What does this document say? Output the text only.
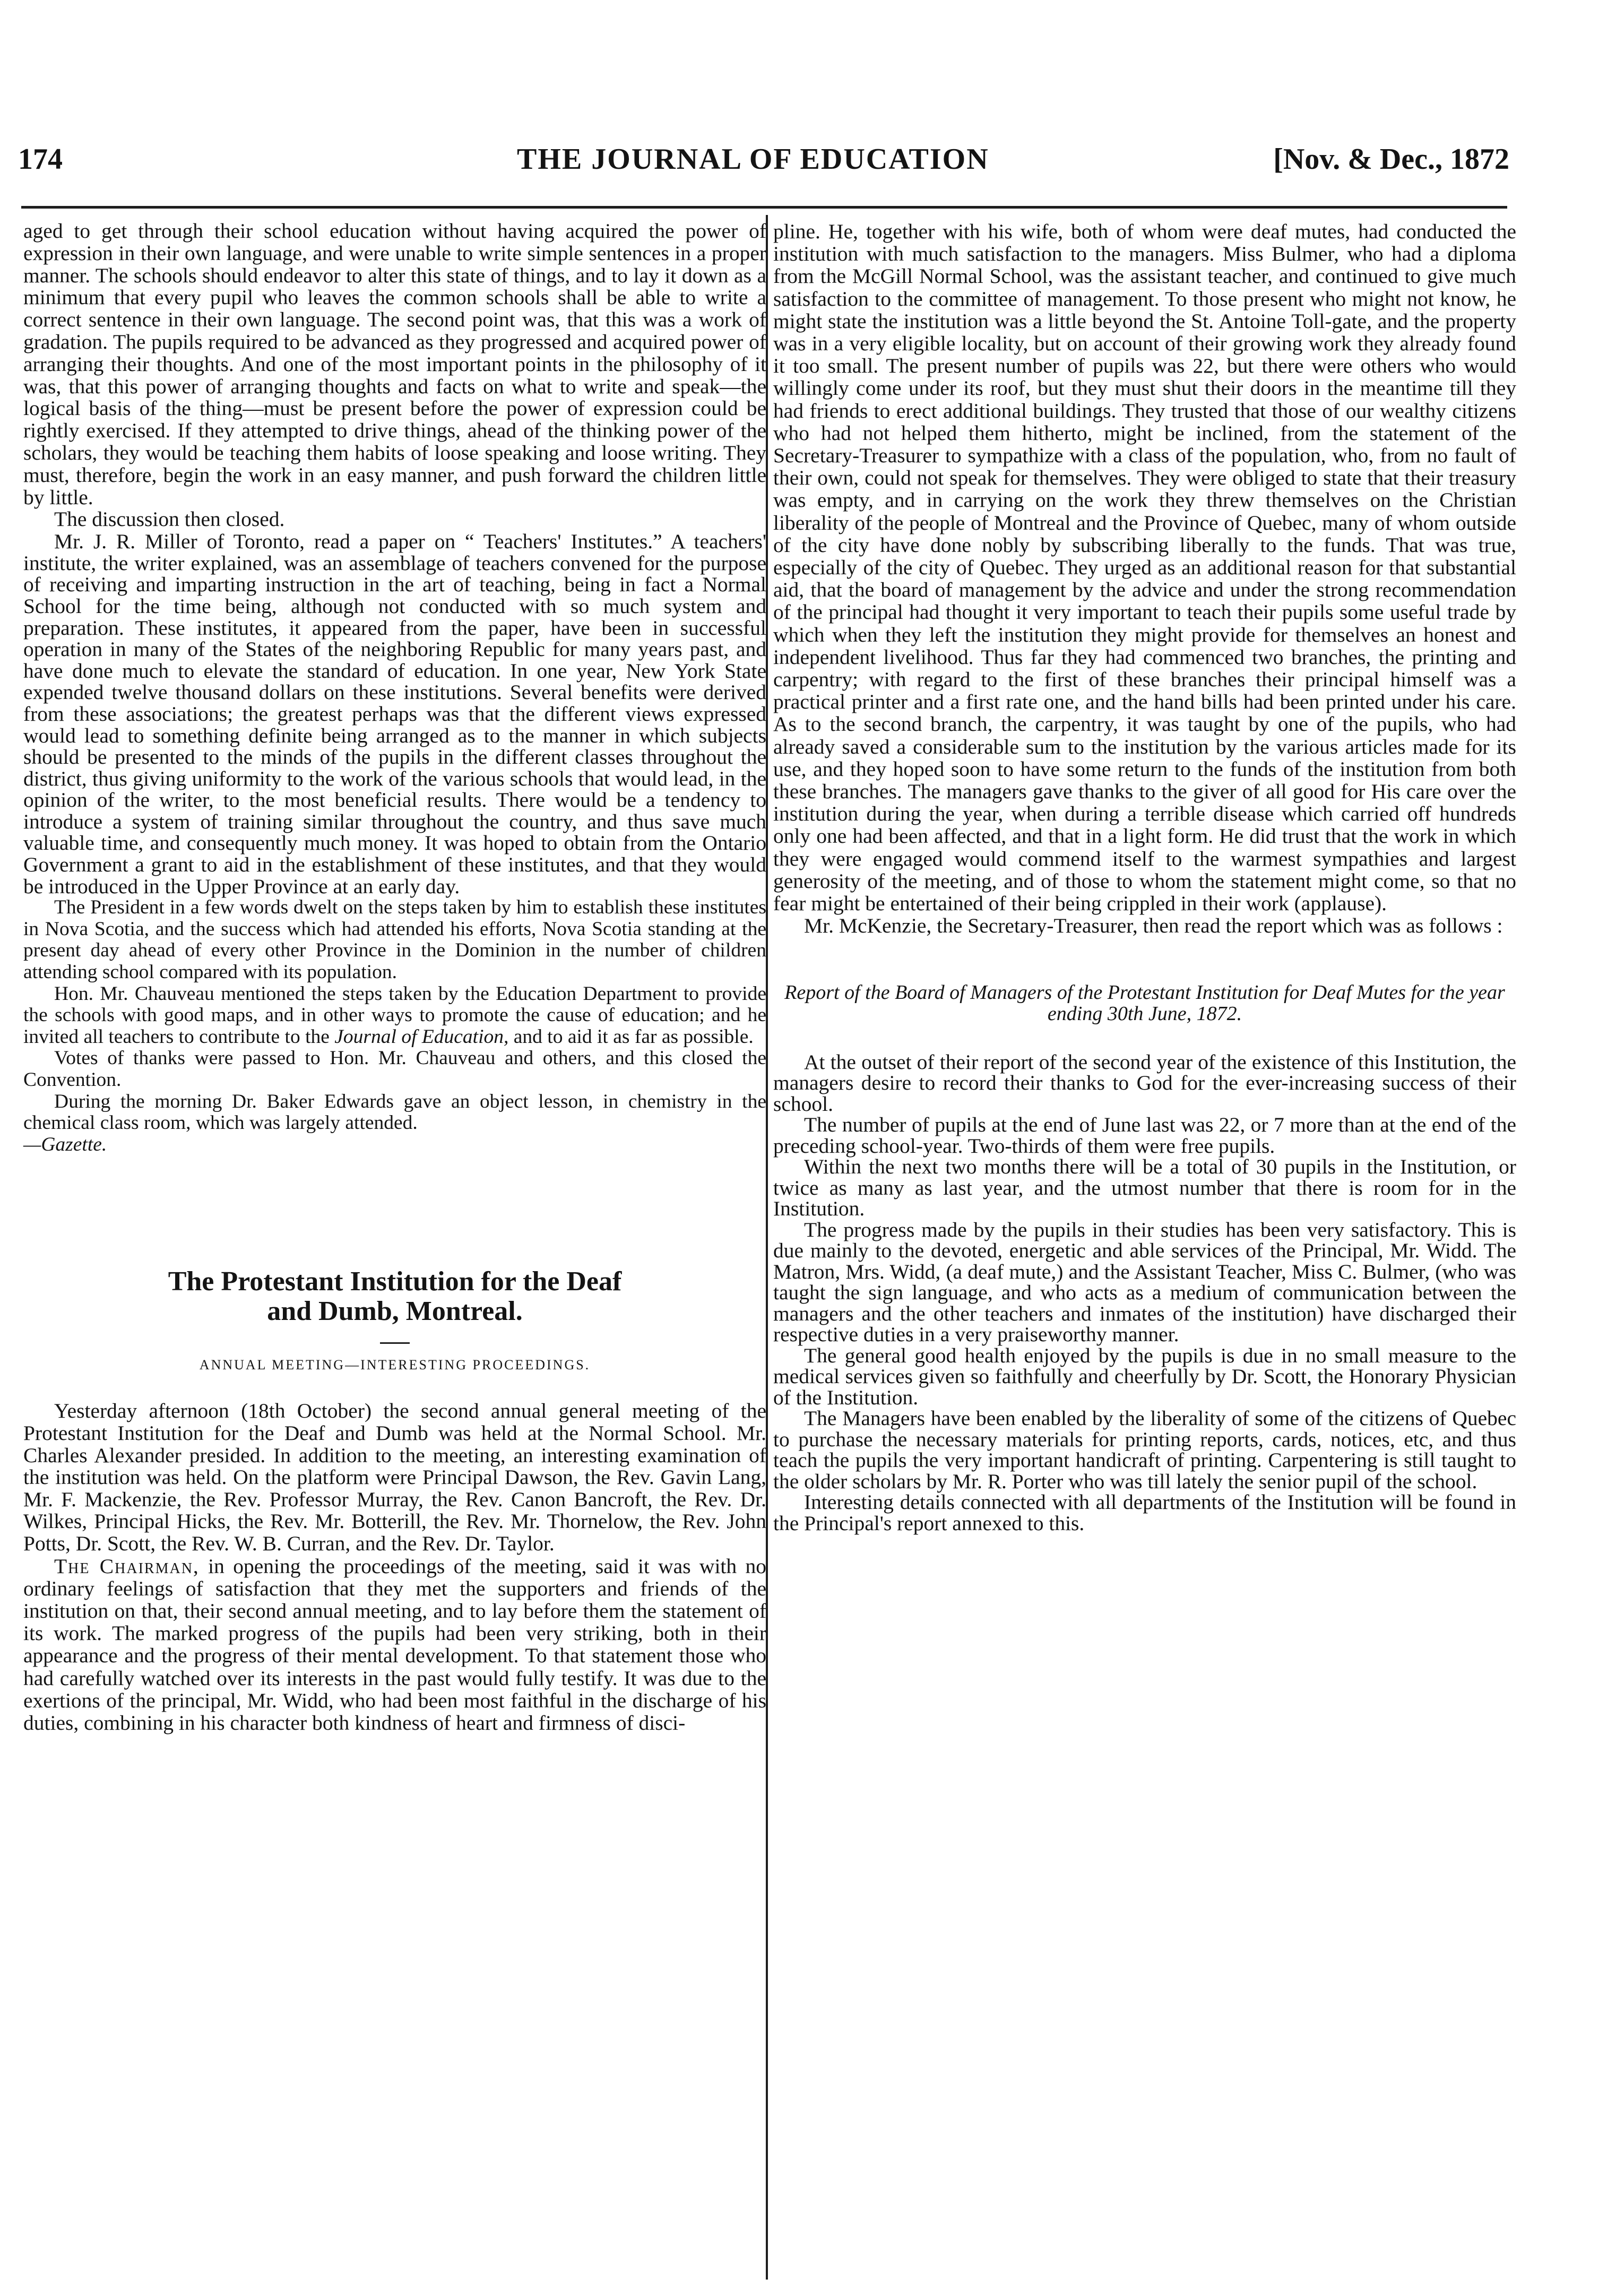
174	THE JOURNAL OF EDUCATION	[Nov. & Dec., 1872

aged to get through their school education without having acquired the power of expression in their own language, and were unable to write simple sentences in a proper manner. The schools should endeavor to alter this state of things, and to lay it down as a minimum that every pupil who leaves the common schools shall be able to write a correct sentence in their own language. The second point was, that this was a work of gradation. The pupils required to be advanced as they progressed and acquired power of arranging their thoughts. And one of the most important points in the philosophy of it was, that this power of arranging thoughts and facts on what to write and speak—the logical basis of the thing—must be present before the power of expression could be rightly exercised. If they attempted to drive things, ahead of the thinking power of the scholars, they would be teaching them habits of loose speaking and loose writing. They must, therefore, begin the work in an easy manner, and push forward the children little by little.

The discussion then closed.

Mr. J. R. Miller of Toronto, read a paper on “ Teachers' Institutes.” A teachers' institute, the writer explained, was an assemblage of teachers convened for the purpose of receiving and imparting instruction in the art of teaching, being in fact a Normal School for the time being, although not conducted with so much system and preparation. These institutes, it appeared from the paper, have been in successful operation in many of the States of the neighboring Republic for many years past, and have done much to elevate the standard of education. In one year, New York State expended twelve thousand dollars on these institutions. Several benefits were derived from these associations; the greatest perhaps was that the different views expressed would lead to something definite being arranged as to the manner in which subjects should be presented to the minds of the pupils in the different classes throughout the district, thus giving uniformity to the work of the various schools that would lead, in the opinion of the writer, to the most beneficial results. There would be a tendency to introduce a system of training similar throughout the country, and thus save much valuable time, and consequently much money. It was hoped to obtain from the Ontario Government a grant to aid in the establishment of these institutes, and that they would be introduced in the Upper Province at an early day.

The President in a few words dwelt on the steps taken by him to establish these institutes in Nova Scotia, and the success which had attended his efforts, Nova Scotia standing at the present day ahead of every other Province in the Dominion in the number of children attending school compared with its population.

Hon. Mr. Chauveau mentioned the steps taken by the Education Department to provide the schools with good maps, and in other ways to promote the cause of education; and he invited all teachers to contribute to the Journal of Education, and to aid it as far as possible.

Votes of thanks were passed to Hon. Mr. Chauveau and others, and this closed the Convention.

During the morning Dr. Baker Edwards gave an object lesson, in chemistry in the chemical class room, which was largely attended.

—Gazette.

The Protestant Institution for the Deaf
and Dumb, Montreal.
ANNUAL MEETING—INTERESTING PROCEEDINGS.

Yesterday afternoon (18th October) the second annual general meeting of the Protestant Institution for the Deaf and Dumb was held at the Normal School. Mr. Charles Alexander presided. In addition to the meeting, an interesting examination of the institution was held. On the platform were Principal Dawson, the Rev. Gavin Lang, Mr. F. Mackenzie, the Rev. Professor Murray, the Rev. Canon Bancroft, the Rev. Dr. Wilkes, Principal Hicks, the Rev. Mr. Botterill, the Rev. Mr. Thornelow, the Rev. John Potts, Dr. Scott, the Rev. W. B. Curran, and the Rev. Dr. Taylor.

The Chairman, in opening the proceedings of the meeting, said it was with no ordinary feelings of satisfaction that they met the supporters and friends of the institution on that, their second annual meeting, and to lay before them the statement of its work. The marked progress of the pupils had been very striking, both in their appearance and the progress of their mental development. To that statement those who had carefully watched over its interests in the past would fully testify. It was due to the exertions of the principal, Mr. Widd, who had been most faithful in the discharge of his duties, combining in his character both kindness of heart and firmness of disci-

pline. He, together with his wife, both of whom were deaf mutes, had conducted the institution with much satisfaction to the managers. Miss Bulmer, who had a diploma from the McGill Normal School, was the assistant teacher, and continued to give much satisfaction to the committee of management. To those present who might not know, he might state the institution was a little beyond the St. Antoine Toll-gate, and the property was in a very eligible locality, but on account of their growing work they already found it too small. The present number of pupils was 22, but there were others who would willingly come under its roof, but they must shut their doors in the meantime till they had friends to erect additional buildings. They trusted that those of our wealthy citizens who had not helped them hitherto, might be inclined, from the statement of the Secretary-Treasurer to sympathize with a class of the population, who, from no fault of their own, could not speak for themselves. They were obliged to state that their treasury was empty, and in carrying on the work they threw themselves on the Christian liberality of the people of Montreal and the Province of Quebec, many of whom outside of the city have done nobly by subscribing liberally to the funds. That was true, especially of the city of Quebec. They urged as an additional reason for that substantial aid, that the board of management by the advice and under the strong recommendation of the principal had thought it very important to teach their pupils some useful trade by which when they left the institution they might provide for themselves an honest and independent livelihood. Thus far they had commenced two branches, the printing and carpentry; with regard to the first of these branches their principal himself was a practical printer and a first rate one, and the hand bills had been printed under his care. As to the second branch, the carpentry, it was taught by one of the pupils, who had already saved a considerable sum to the institution by the various articles made for its use, and they hoped soon to have some return to the funds of the institution from both these branches. The managers gave thanks to the giver of all good for His care over the institution during the year, when during a terrible disease which carried off hundreds only one had been affected, and that in a light form. He did trust that the work in which they were engaged would commend itself to the warmest sympathies and largest generosity of the meeting, and of those to whom the statement might come, so that no fear might be entertained of their being crippled in their work (applause).

Mr. McKenzie, the Secretary-Treasurer, then read the report which was as follows :

Report of the Board of Managers of the Protestant Institution for Deaf Mutes for the year ending 30th June, 1872.

At the outset of their report of the second year of the existence of this Institution, the managers desire to record their thanks to God for the ever-increasing success of their school.

The number of pupils at the end of June last was 22, or 7 more than at the end of the preceding school-year. Two-thirds of them were free pupils.

Within the next two months there will be a total of 30 pupils in the Institution, or twice as many as last year, and the utmost number that there is room for in the Institution.

The progress made by the pupils in their studies has been very satisfactory. This is due mainly to the devoted, energetic and able services of the Principal, Mr. Widd. The Matron, Mrs. Widd, (a deaf mute,) and the Assistant Teacher, Miss C. Bulmer, (who was taught the sign language, and who acts as a medium of communication between the managers and the other teachers and inmates of the institution) have discharged their respective duties in a very praiseworthy manner.

The general good health enjoyed by the pupils is due in no small measure to the medical services given so faithfully and cheerfully by Dr. Scott, the Honorary Physician of the Institution.

The Managers have been enabled by the liberality of some of the citizens of Quebec to purchase the necessary materials for printing reports, cards, notices, etc, and thus teach the pupils the very important handicraft of printing. Carpentering is still taught to the older scholars by Mr. R. Porter who was till lately the senior pupil of the school.

Interesting details connected with all departments of the Institution will be found in the Principal's report annexed to this.
